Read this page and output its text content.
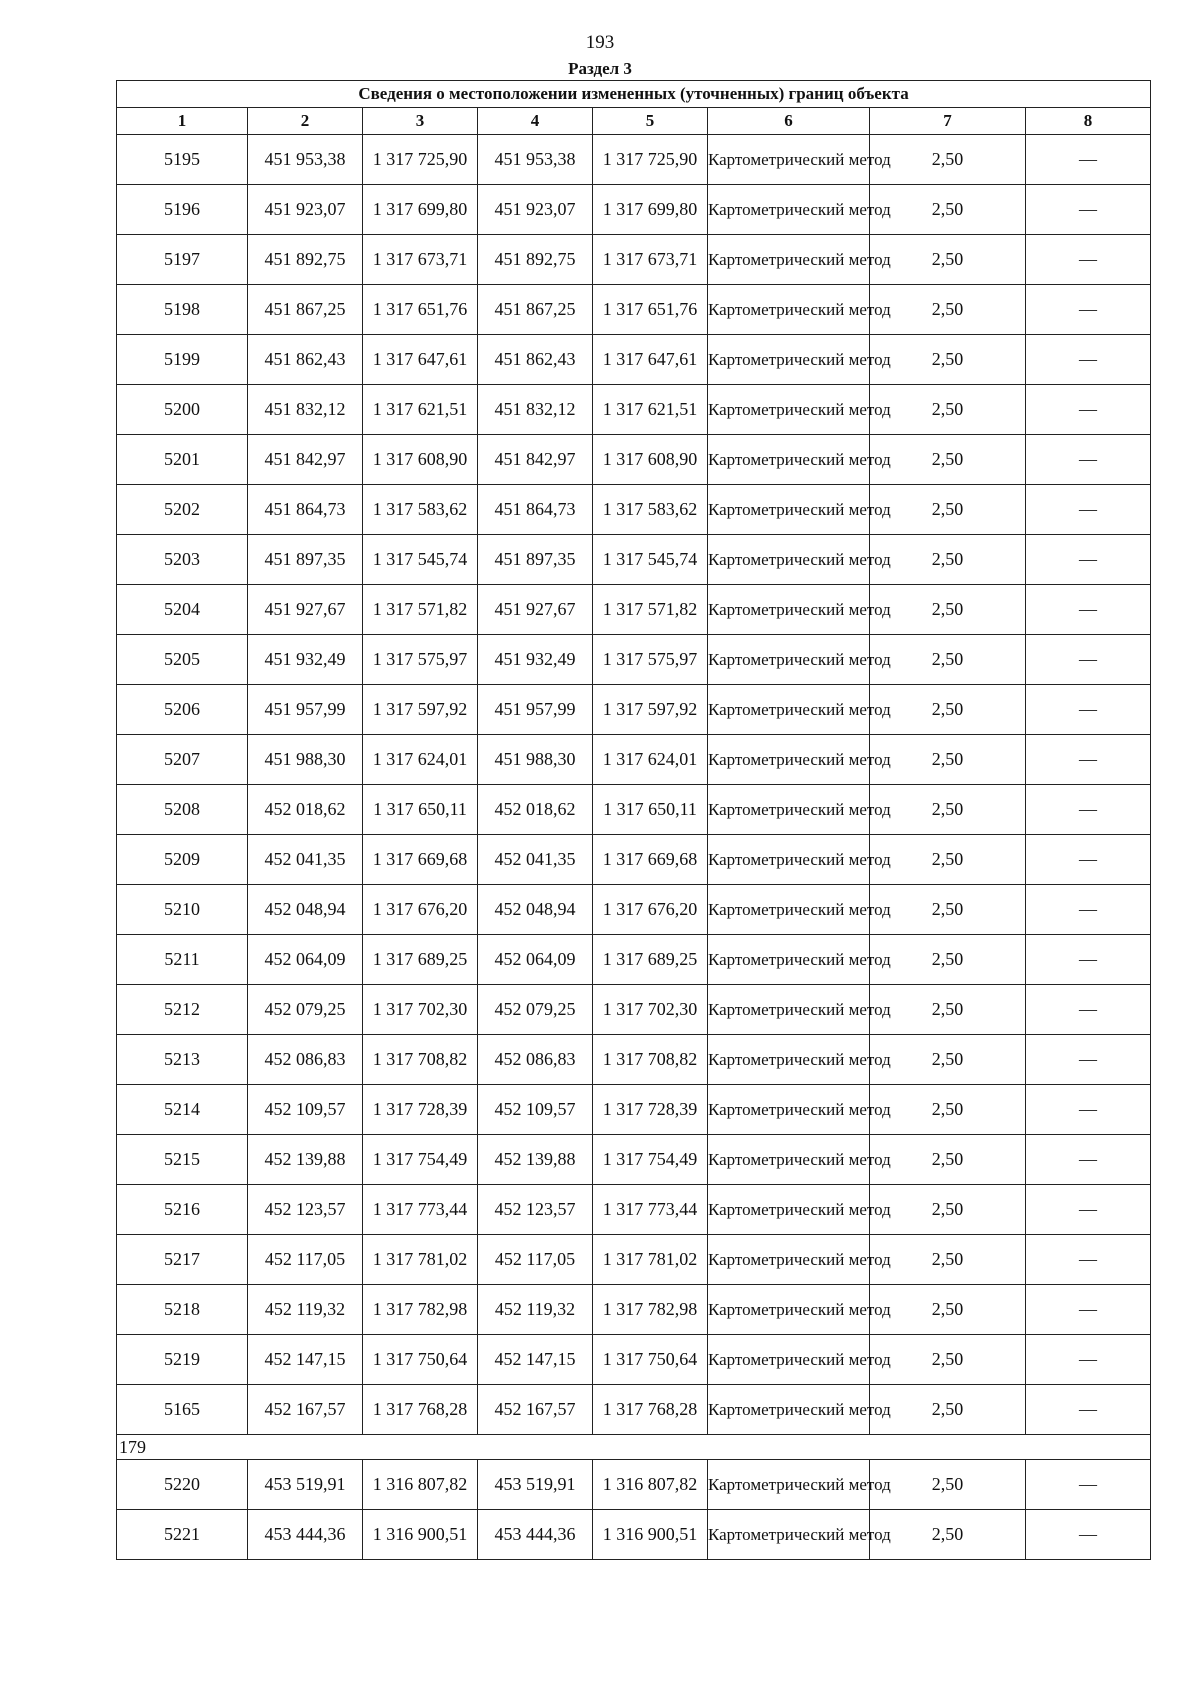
193
Раздел 3
Сведения о местоположении измененных (уточненных) границ объекта							
1	2	3	4	5	6	7	8
5195	451 953,38	1 317 725,90	451 953,38	1 317 725,90	Картометрический метод	2,50	—
5196	451 923,07	1 317 699,80	451 923,07	1 317 699,80	Картометрический метод	2,50	—
5197	451 892,75	1 317 673,71	451 892,75	1 317 673,71	Картометрический метод	2,50	—
5198	451 867,25	1 317 651,76	451 867,25	1 317 651,76	Картометрический метод	2,50	—
5199	451 862,43	1 317 647,61	451 862,43	1 317 647,61	Картометрический метод	2,50	—
5200	451 832,12	1 317 621,51	451 832,12	1 317 621,51	Картометрический метод	2,50	—
5201	451 842,97	1 317 608,90	451 842,97	1 317 608,90	Картометрический метод	2,50	—
5202	451 864,73	1 317 583,62	451 864,73	1 317 583,62	Картометрический метод	2,50	—
5203	451 897,35	1 317 545,74	451 897,35	1 317 545,74	Картометрический метод	2,50	—
5204	451 927,67	1 317 571,82	451 927,67	1 317 571,82	Картометрический метод	2,50	—
5205	451 932,49	1 317 575,97	451 932,49	1 317 575,97	Картометрический метод	2,50	—
5206	451 957,99	1 317 597,92	451 957,99	1 317 597,92	Картометрический метод	2,50	—
5207	451 988,30	1 317 624,01	451 988,30	1 317 624,01	Картометрический метод	2,50	—
5208	452 018,62	1 317 650,11	452 018,62	1 317 650,11	Картометрический метод	2,50	—
5209	452 041,35	1 317 669,68	452 041,35	1 317 669,68	Картометрический метод	2,50	—
5210	452 048,94	1 317 676,20	452 048,94	1 317 676,20	Картометрический метод	2,50	—
5211	452 064,09	1 317 689,25	452 064,09	1 317 689,25	Картометрический метод	2,50	—
5212	452 079,25	1 317 702,30	452 079,25	1 317 702,30	Картометрический метод	2,50	—
5213	452 086,83	1 317 708,82	452 086,83	1 317 708,82	Картометрический метод	2,50	—
5214	452 109,57	1 317 728,39	452 109,57	1 317 728,39	Картометрический метод	2,50	—
5215	452 139,88	1 317 754,49	452 139,88	1 317 754,49	Картометрический метод	2,50	—
5216	452 123,57	1 317 773,44	452 123,57	1 317 773,44	Картометрический метод	2,50	—
5217	452 117,05	1 317 781,02	452 117,05	1 317 781,02	Картометрический метод	2,50	—
5218	452 119,32	1 317 782,98	452 119,32	1 317 782,98	Картометрический метод	2,50	—
5219	452 147,15	1 317 750,64	452 147,15	1 317 750,64	Картометрический метод	2,50	—
5165	452 167,57	1 317 768,28	452 167,57	1 317 768,28	Картометрический метод	2,50	—
179							
5220	453 519,91	1 316 807,82	453 519,91	1 316 807,82	Картометрический метод	2,50	—
5221	453 444,36	1 316 900,51	453 444,36	1 316 900,51	Картометрический метод	2,50	—
